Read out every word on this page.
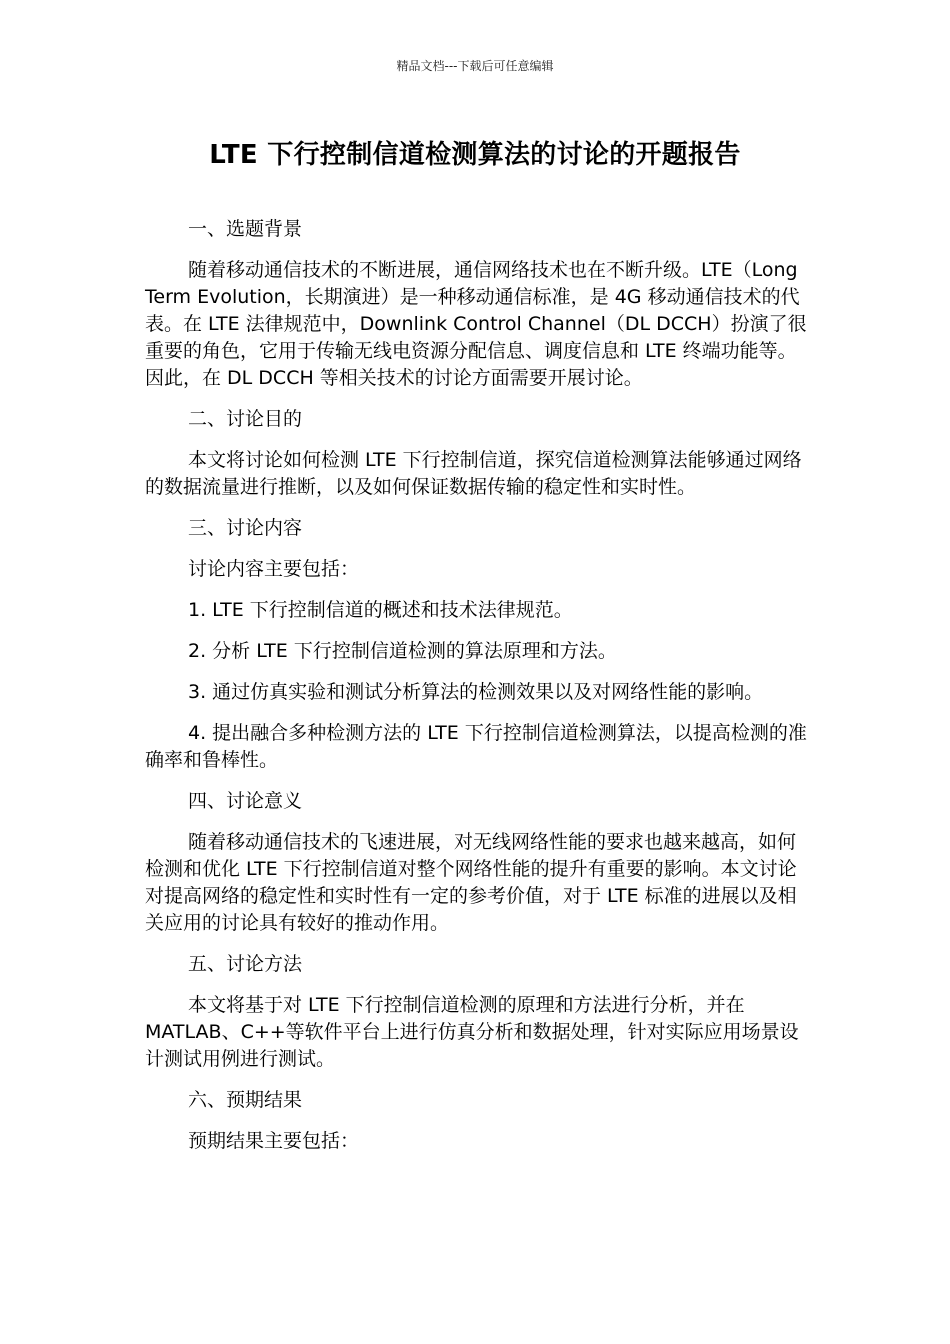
精品文档---下载后可任意编辑
LTE 下行控制信道检测算法的讨论的开题报告

一、选题背景

随着移动通信技术的不断进展，通信网络技术也在不断升级。LTE（Long Term Evolution，长期演进）是一种移动通信标准，是 4G 移动通信技术的代表。在 LTE 法律规范中，Downlink Control Channel（DL DCCH）扮演了很重要的角色，它用于传输无线电资源分配信息、调度信息和 LTE 终端功能等。因此，在 DL DCCH 等相关技术的讨论方面需要开展讨论。

二、讨论目的

本文将讨论如何检测 LTE 下行控制信道，探究信道检测算法能够通过网络的数据流量进行推断，以及如何保证数据传输的稳定性和实时性。

三、讨论内容

讨论内容主要包括：

1. LTE 下行控制信道的概述和技术法律规范。

2. 分析 LTE 下行控制信道检测的算法原理和方法。

3. 通过仿真实验和测试分析算法的检测效果以及对网络性能的影响。

4. 提出融合多种检测方法的 LTE 下行控制信道检测算法，以提高检测的准确率和鲁棒性。

四、讨论意义

随着移动通信技术的飞速进展，对无线网络性能的要求也越来越高，如何检测和优化 LTE 下行控制信道对整个网络性能的提升有重要的影响。本文讨论对提高网络的稳定性和实时性有一定的参考价值，对于 LTE 标准的进展以及相关应用的讨论具有较好的推动作用。

五、讨论方法

本文将基于对 LTE 下行控制信道检测的原理和方法进行分析，并在 MATLAB、C++等软件平台上进行仿真分析和数据处理，针对实际应用场景设计测试用例进行测试。

六、预期结果

预期结果主要包括：
